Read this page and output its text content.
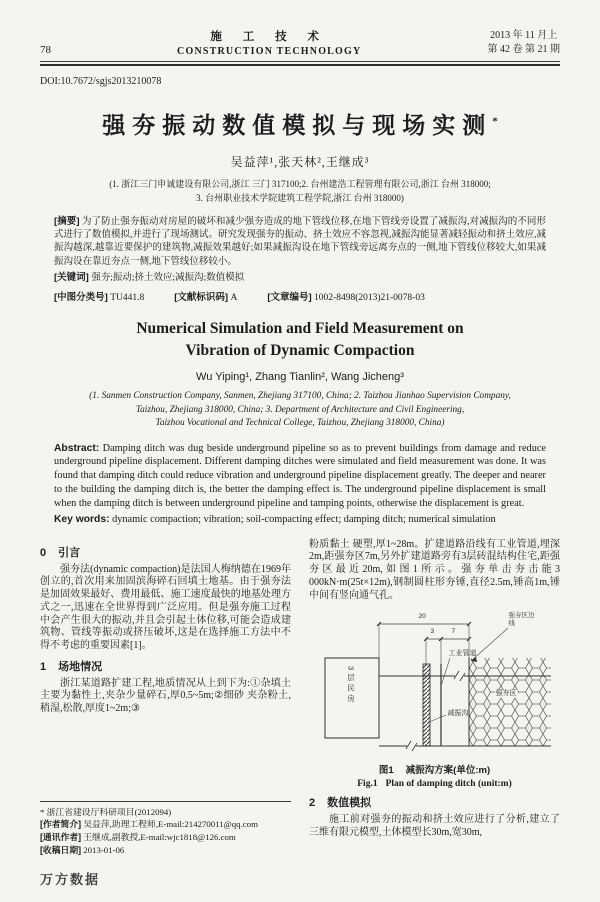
78
施 工 技 术
CONSTRUCTION TECHNOLOGY
2013 年 11 月上
第 42 卷 第 21 期
DOI:10.7672/sgjs2013210078
强夯振动数值模拟与现场实测*
吴益萍¹,张天林²,王继成³
(1. 浙江三门申诚建设有限公司,浙江 三门 317100;2. 台州建浩工程管理有限公司,浙江 台州 318000;
3. 台州职业技术学院建筑工程学院,浙江 台州 318000)
[摘要] 为了防止强夯振动对房屋的破坏和减少强夯造成的地下管线位移,在地下管线旁设置了减振沟,对减振沟的不同形式进行了数值模拟,并进行了现场测试。研究发现强夯的振动、挤土效应不容忽视,减振沟能显著减轻振动和挤土效应,减振沟越深,越靠近要保护的建筑物,减振效果越好;如果减振沟设在地下管线旁远离夯点的一侧,地下管线位移较大,如果减振沟设在靠近夯点一侧,地下管线位移较小。
[关键词] 强夯;振动;挤土效应;减振沟;数值模拟
[中图分类号] TU441.8	[文献标识码] A	[文章编号] 1002-8498(2013)21-0078-03
Numerical Simulation and Field Measurement on
Vibration of Dynamic Compaction
Wu Yiping¹, Zhang Tianlin², Wang Jicheng³
(1. Sanmen Construction Company, Sanmen, Zhejiang 317100, China; 2. Taizhou Jianhao Supervision Company,
Taizhou, Zhejiang 318000, China; 3. Department of Architecture and Civil Engineering,
Taizhou Vocational and Technical College, Taizhou, Zhejiang 318000, China)
Abstract: Damping ditch was dug beside underground pipeline so as to prevent buildings from damage and reduce underground pipeline displacement. Different damping ditches were simulated and field measurement was done. It was found that damping ditch could reduce vibration and underground pipeline displacement greatly. The deeper and nearer to the building the damping ditch is, the better the damping effect is. The underground pipeline displacement is small when the damping ditch is between underground pipeline and tamping points, otherwise the displacement is great.
Key words: dynamic compaction; vibration; soil-compacting effect; damping ditch; numerical simulation
0 引言

强夯法(dynamic compaction)是法国人梅纳德在1969年创立的,首次用来加固滨海碎石回填土地基。由于强夯法是加固效果最好、费用最低、施工速度最快的地基处理方式之一,迅速在全世界得到广泛应用。但是强夯施工过程中会产生很大的振动,并且会引起土体位移,可能会造成建筑物、管线等振动或挤压破坏,这是在选择施工方法中不得不考虑的重要因素[1]。

1 场地情况

浙江某道路扩建工程,地质情况从上到下为:①杂填土 主要为黏性土,夹杂少量碎石,厚0.5~5m;②细砂 夹杂粉土,稍湿,松散,厚度1~2m;③

* 浙江省建设厅科研项目(2012094)
[作者简介] 吴益萍,助理工程师,E-mail:214270011@qq.com
[通讯作者] 王继成,副教授,E-mail:wjc1818@126.com
[收稿日期] 2013-01-06

粉质黏土 硬塑,厚1~28m。扩建道路沿线有工业管道,埋深2m,距强夯区7m,另外扩建道路旁有3层砖混结构住宅,距强夯区最近20m,如图1所示。强夯单击夯击能3 000kN·m(25t×12m),钢制圆柱形夯锤,直径2.5m,锤高1m,锤中间有竖向通气孔。

3层民房
工业管道
减振沟
强夯区
强夯区边线
20
3	7
图1 减振沟方案(单位:m)
Fig.1 Plan of damping ditch (unit:m)
2 数值模拟

施工前对强夯的振动和挤土效应进行了分析,建立了三维有限元模型,土体模型长30m,宽30m,

万方数据
